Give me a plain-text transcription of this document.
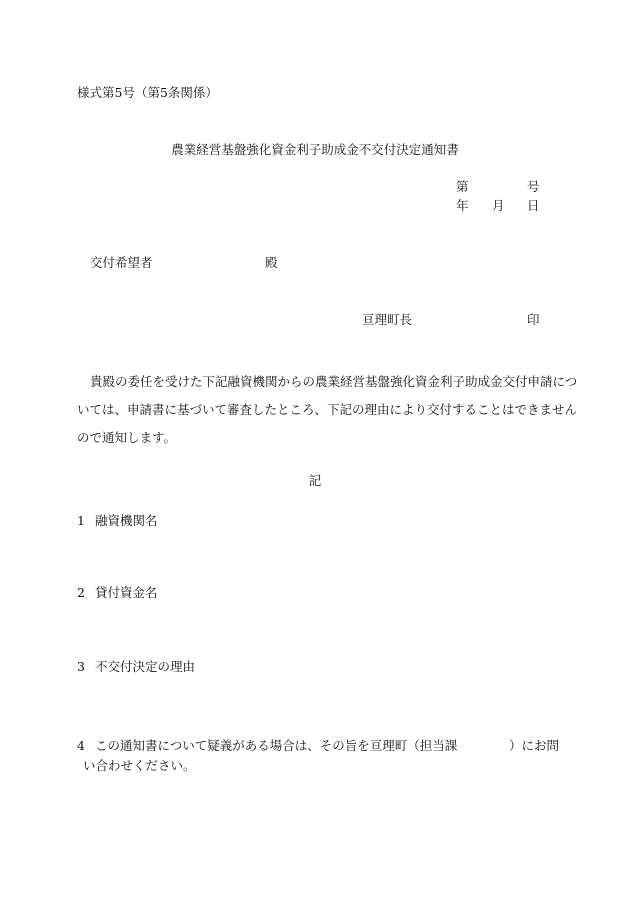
様式第5号（第5条関係）
農業経営基盤強化資金利子助成金不交付決定通知書
第	号
年 月 日
交付希望者	殿
亘理町長	印
貴殿の委任を受けた下記融資機関からの農業経営基盤強化資金利子助成金交付申請につ
いては、申請書に基づいて審査したところ、下記の理由により交付することはできません
ので通知します。
記
1 融資機関名
2 貸付資金名
3 不交付決定の理由
4 この通知書について疑義がある場合は、その旨を亘理町（担当課	）にお問
い合わせください。
